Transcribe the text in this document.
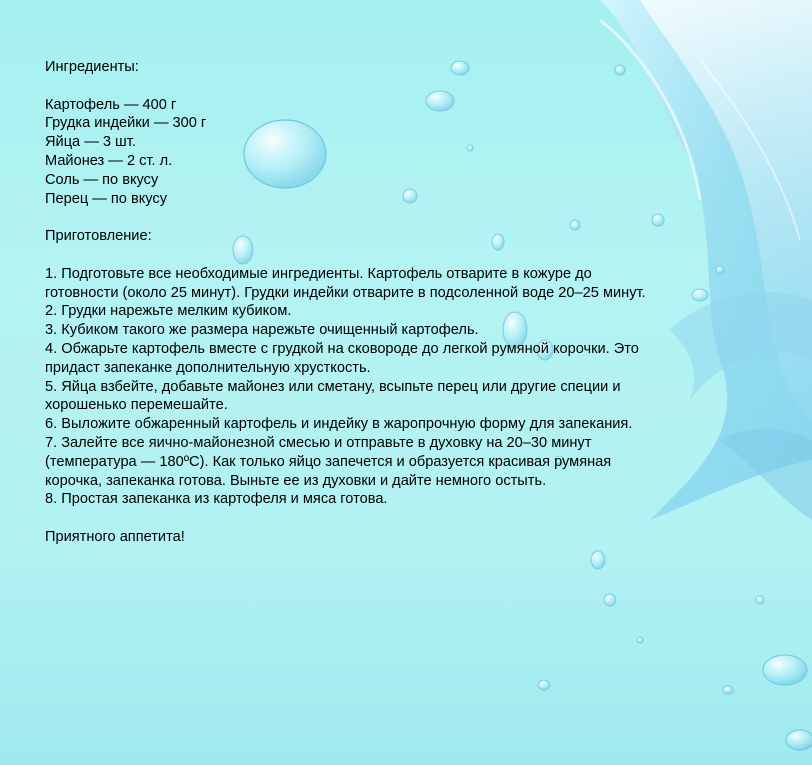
Ингредиенты:

Картофель — 400 г

Грудка индейки — 300 г

Яйца — 3 шт.

Майонез — 2 ст. л.

Соль — по вкусу

Перец — по вкусу

Приготовление:

1. Подготовьте все необходимые ингредиенты. Картофель отварите в кожуре до готовности (около 25 минут). Грудки индейки отварите в подсоленной воде 20–25 минут.

2. Грудки нарежьте мелким кубиком.

3. Кубиком такого же размера нарежьте очищенный картофель.

4. Обжарьте картофель вместе с грудкой на сковороде до легкой румяной корочки. Это придаст запеканке дополнительную хрусткость.

5. Яйца взбейте, добавьте майонез или сметану, всыпьте перец или другие специи и хорошенько перемешайте.

6. Выложите обжаренный картофель и индейку в жаропрочную форму для запекания.

7. Залейте все яично-майонезной смесью и отправьте в духовку на 20–30 минут (температура — 180ºС). Как только яйцо запечется и образуется красивая румяная корочка, запеканка готова. Выньте ее из духовки и дайте немного остыть.

8. Простая запеканка из картофеля и мяса готова.

Приятного аппетита!
